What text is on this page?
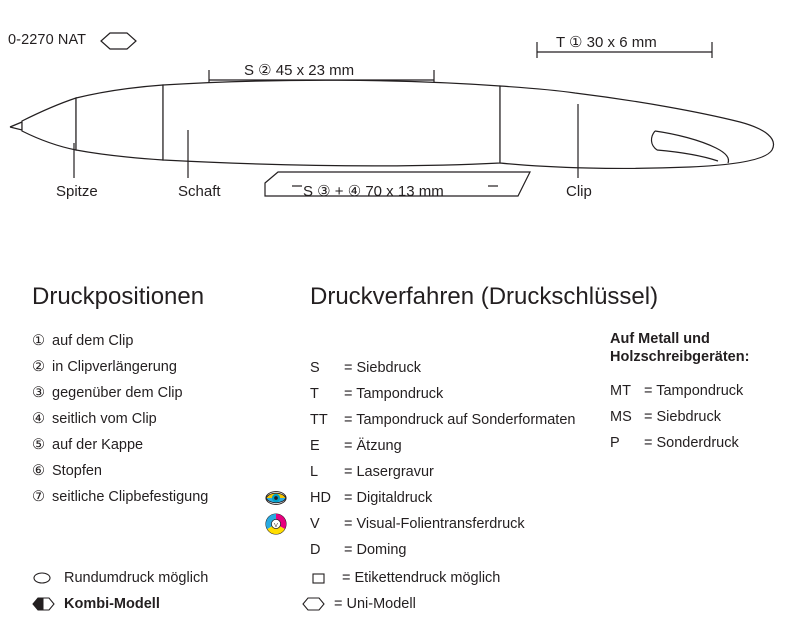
0-2270 NAT
S ② 45 x 23 mm
T ① 30 x 6 mm
S ③ + ④ 70 x 13 mm
Spitze	Schaft	Clip
Druckpositionen	Druckverfahren (Druckschlüssel)
Auf Metall und
Holzschreibgeräten:
① auf dem Clip
② in Clipverlängerung
③ gegenüber dem Clip
④ seitlich vom Clip
⑤ auf der Kappe
⑥ Stopfen
⑦ seitliche Clipbefestigung
S	= Siebdruck
T	= Tampondruck
TT	= Tampondruck auf Sonderformaten
E	= Ätzung
L	= Lasergravur
HD = Digitaldruck
V V	= Visual-Folientransferdruck
D	= Doming
MT = Tampondruck
MS = Siebdruck
P	= Sonderdruck
Rundumdruck möglich
Kombi-Modell
= Etikettendruck möglich
= Uni-Modell
